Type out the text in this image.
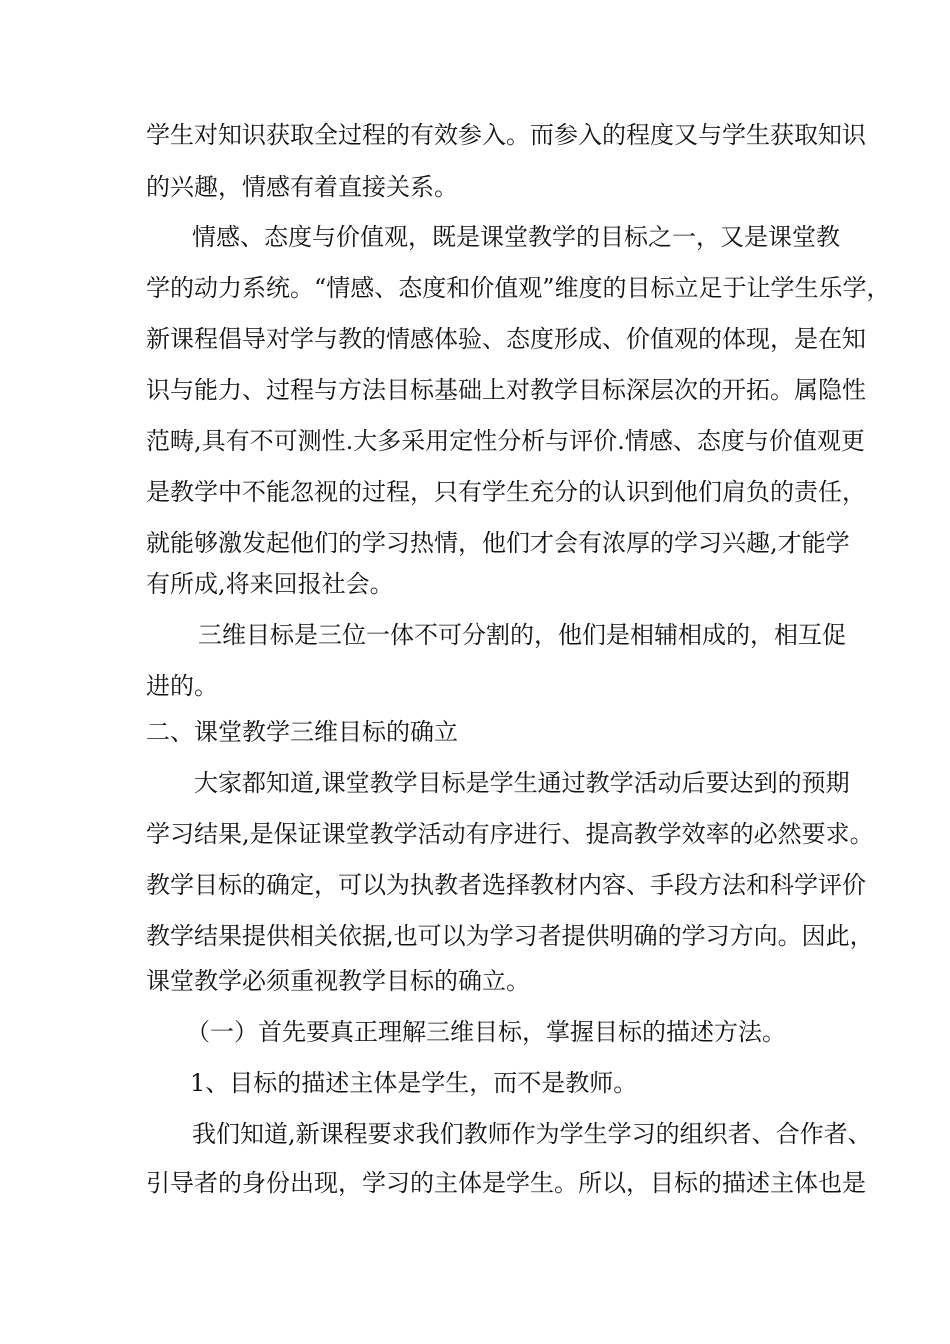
学生对知识获取全过程的有效参入。而参入的程度又与学生获取知识
的兴趣，情感有着直接关系。
情感、态度与价值观，既是课堂教学的目标之一，又是课堂教
学的动力系统。“情感、态度和价值观”维度的目标立足于让学生乐学，
新课程倡导对学与教的情感体验、态度形成、价值观的体现，是在知
识与能力、过程与方法目标基础上对教学目标深层次的开拓。属隐性
范畴,具有不可测性.大多采用定性分析与评价.情感、态度与价值观更
是教学中不能忽视的过程，只有学生充分的认识到他们肩负的责任，
就能够激发起他们的学习热情，他们才会有浓厚的学习兴趣,才能学
有所成,将来回报社会。
三维目标是三位一体不可分割的，他们是相辅相成的，相互促
进的。
二、课堂教学三维目标的确立
大家都知道,课堂教学目标是学生通过教学活动后要达到的预期
学习结果,是保证课堂教学活动有序进行、提高教学效率的必然要求。
教学目标的确定，可以为执教者选择教材内容、手段方法和科学评价
教学结果提供相关依据,也可以为学习者提供明确的学习方向。因此，
课堂教学必须重视教学目标的确立。
（一）首先要真正理解三维目标，掌握目标的描述方法。
1、目标的描述主体是学生，而不是教师。
我们知道,新课程要求我们教师作为学生学习的组织者、合作者、
引导者的身份出现，学习的主体是学生。所以，目标的描述主体也是
